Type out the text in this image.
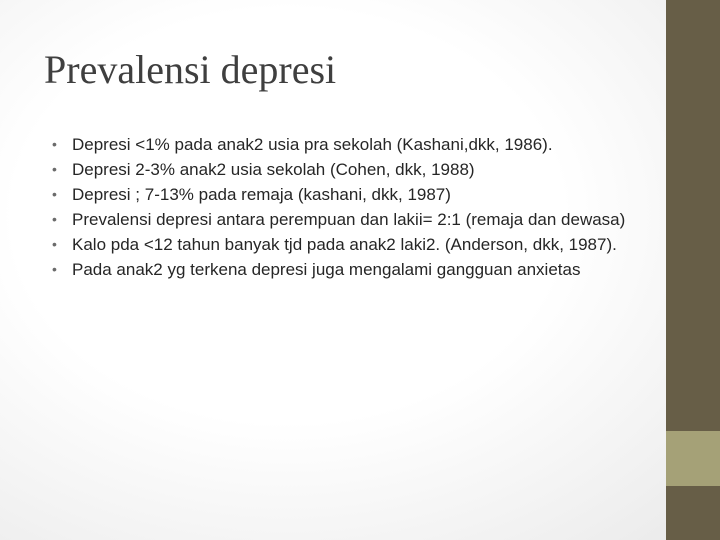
Prevalensi depresi
• Depresi <1% pada anak2 usia pra sekolah (Kashani,dkk, 1986).
• Depresi 2-3% anak2 usia sekolah (Cohen, dkk, 1988)
• Depresi ; 7-13% pada remaja (kashani, dkk, 1987)
• Prevalensi depresi antara perempuan dan lakii= 2:1 (remaja dan dewasa)
• Kalo pda <12 tahun banyak tjd pada anak2 laki2. (Anderson, dkk, 1987).
• Pada anak2 yg terkena depresi juga mengalami gangguan anxietas
